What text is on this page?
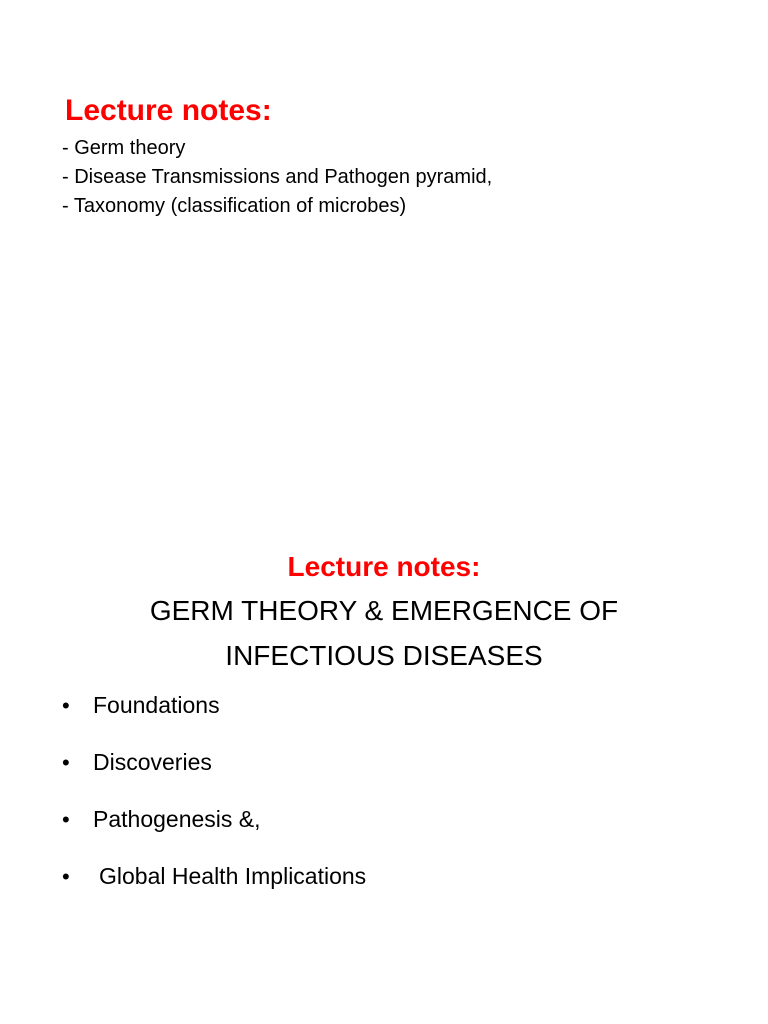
Lecture notes:
- Germ theory
- Disease Transmissions and Pathogen pyramid,
- Taxonomy (classification of microbes)
Lecture notes:
GERM THEORY & EMERGENCE OF
INFECTIOUS DISEASES
• Foundations
• Discoveries
• Pathogenesis &,
• Global Health Implications
